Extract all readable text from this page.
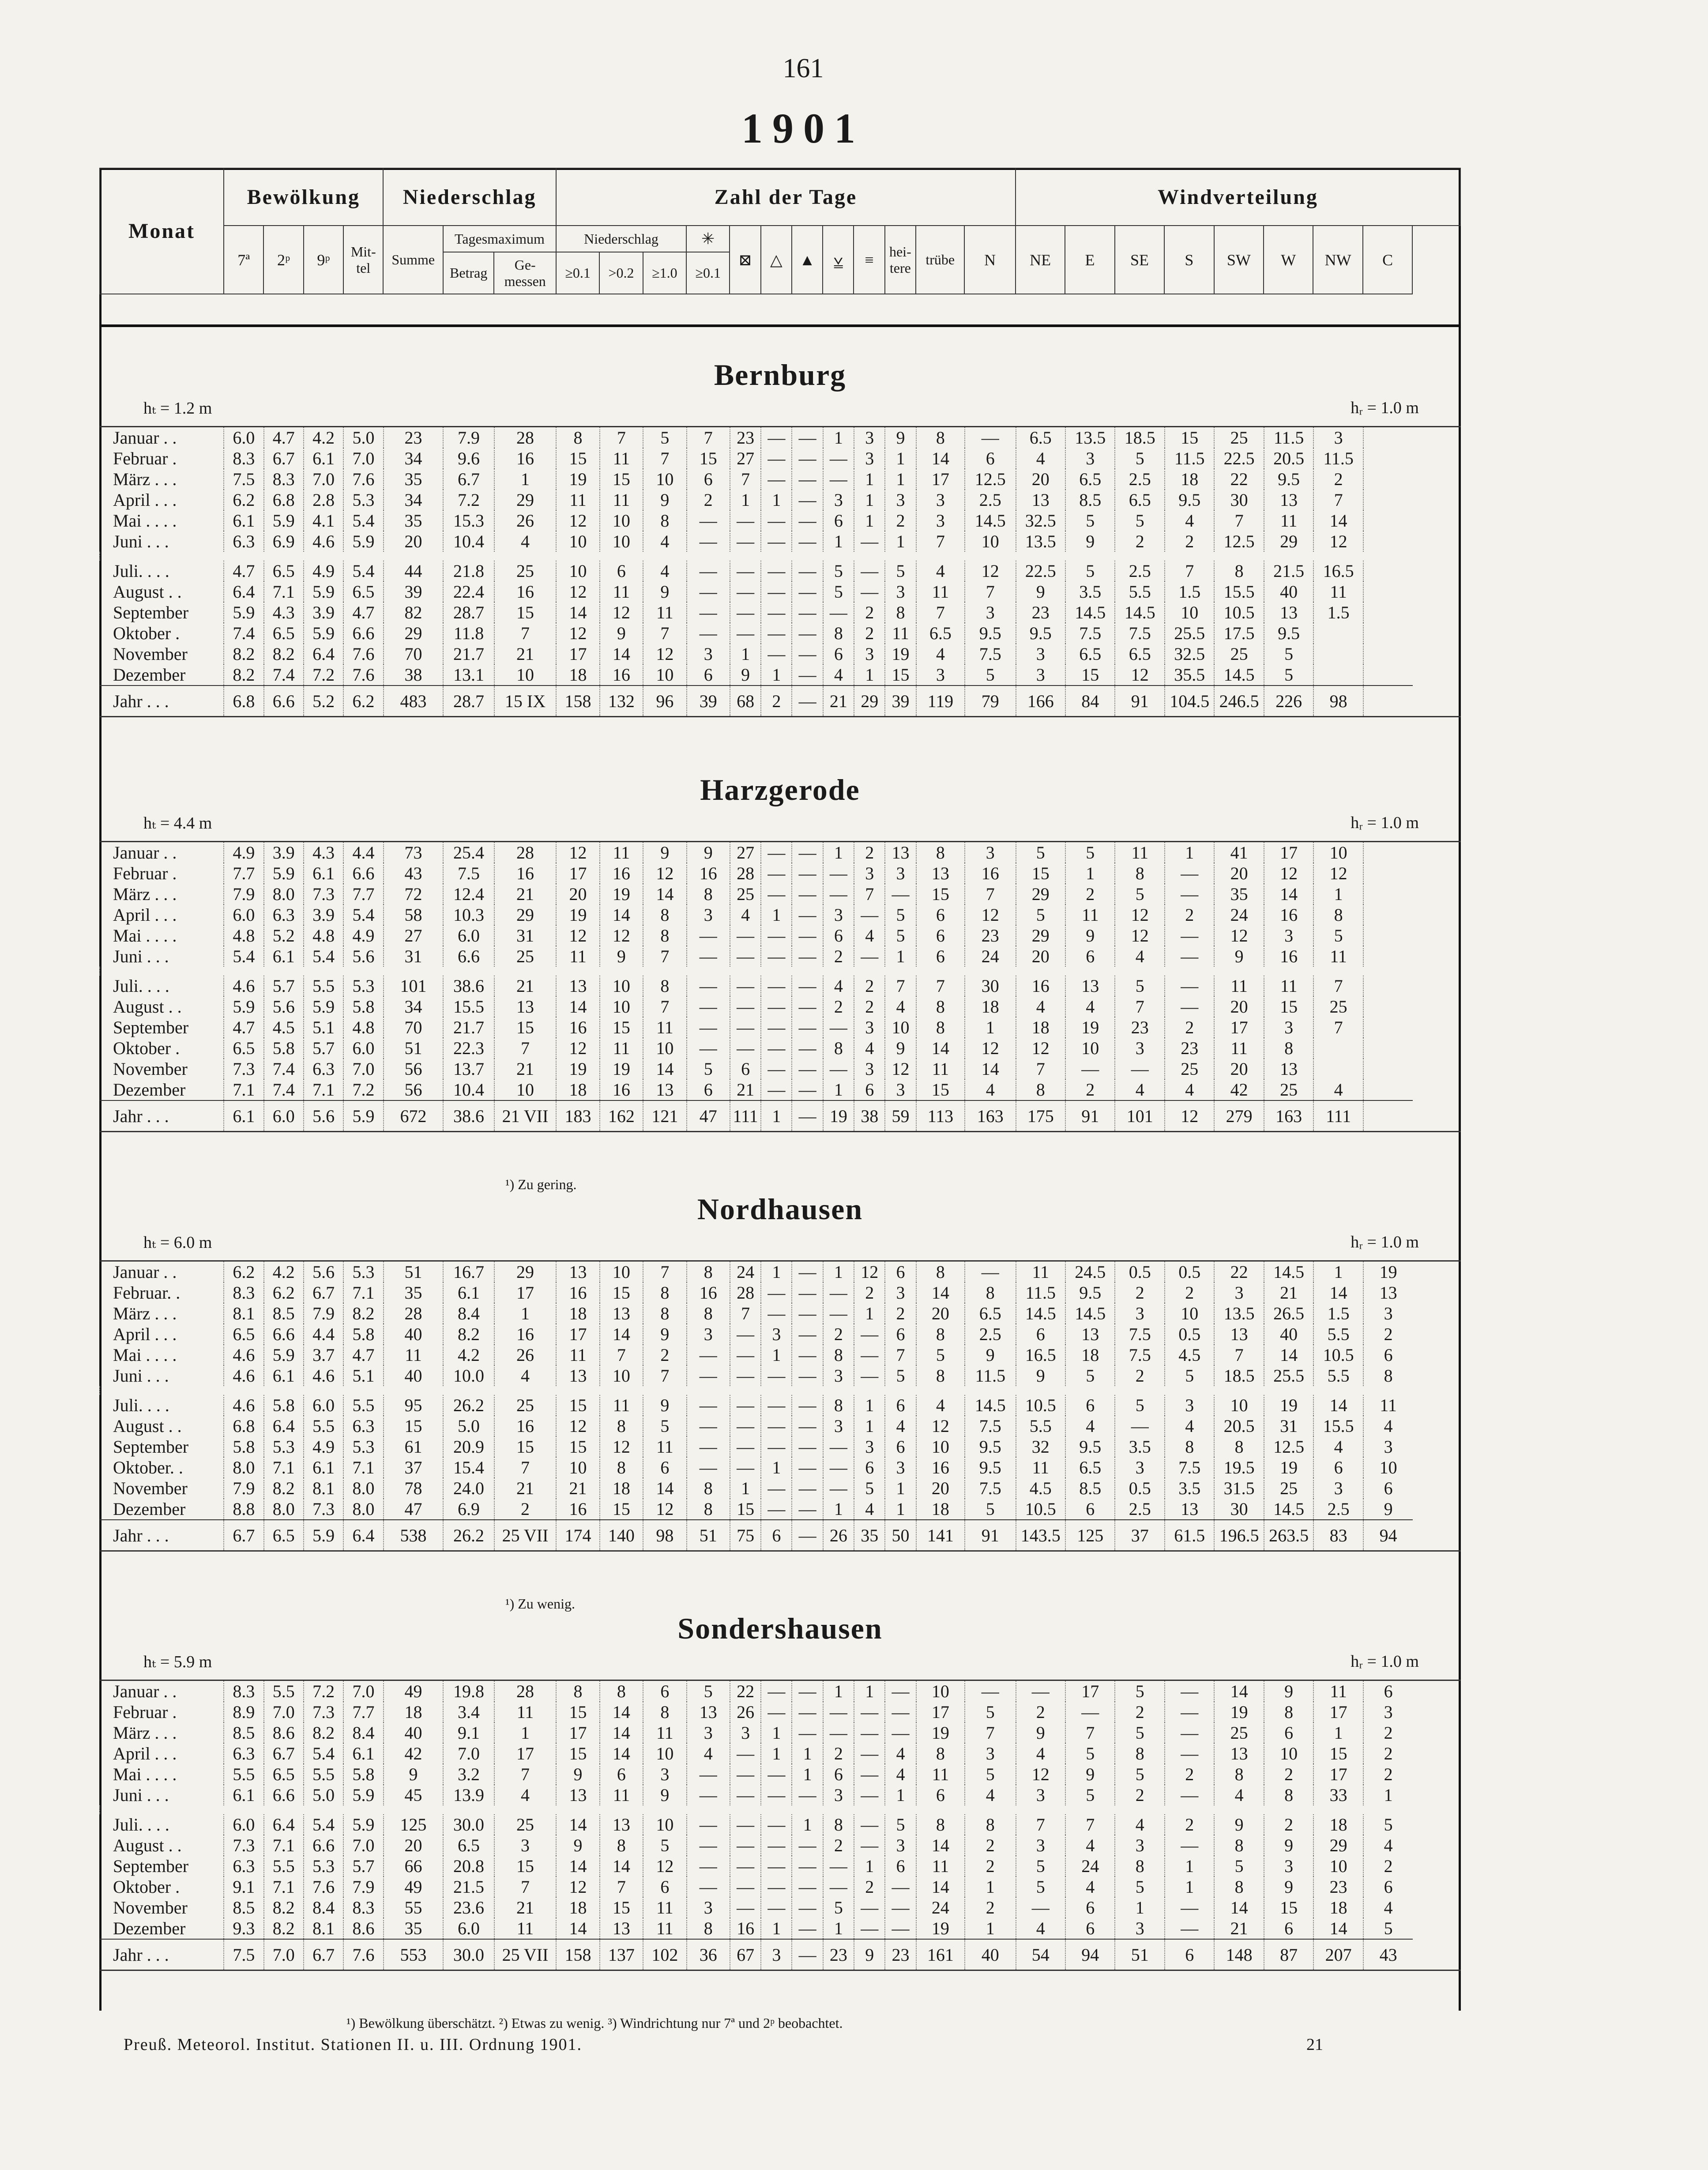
161
1901
Monat	Bewölkung				Niederschlag			Zahl der Tage												Windverteilung							
	7ª	2ᵖ	9ᵖ	Mit-tel	Summe	Tagesmaximum		Niederschlag			✳	⊠	△	▲	⩣	≡	hei-tere	trübe	N	NE	E	SE	S	SW	W	NW	C
						Betrag	Ge-messen	≥0.1	>0.2	≥1.0	≥0.1																
Bernburg
hₜ = 1.2 m	hᵣ = 1.0 m
Januar . .	6.0	4.7	4.2	5.0	23	7.9	28	8	7	5	7	23	—	—	1	3	9	8	—	6.5	13.5	18.5	15	25	11.5	3	
Februar .	8.3	6.7	6.1	7.0	34	9.6	16	15	11	7	15	27	—	—	—	3	1	14	6	4	3	5	11.5	22.5	20.5	11.5	
März . . .	7.5	8.3	7.0	7.6	35	6.7	1	19	15	10	6	7	—	—	—	1	1	17	12.5	20	6.5	2.5	18	22	9.5	2	
April . . .	6.2	6.8	2.8	5.3	34	7.2	29	11	11	9	2	1	1	—	3	1	3	3	2.5	13	8.5	6.5	9.5	30	13	7	
Mai . . . .	6.1	5.9	4.1	5.4	35	15.3	26	12	10	8	—	—	—	—	6	1	2	3	14.5	32.5	5	5	4	7	11	14	
Juni . . .	6.3	6.9	4.6	5.9	20	10.4	4	10	10	4	—	—	—	—	1	—	1	7	10	13.5	9	2	2	12.5	29	12	

Juli. . . .	4.7	6.5	4.9	5.4	44	21.8	25	10	6	4	—	—	—	—	5	—	5	4	12	22.5	5	2.5	7	8	21.5	16.5	
August . .	6.4	7.1	5.9	6.5	39	22.4	16	12	11	9	—	—	—	—	5	—	3	11	7	9	3.5	5.5	1.5	15.5	40	11	
September	5.9	4.3	3.9	4.7	82	28.7	15	14	12	11	—	—	—	—	—	2	8	7	3	23	14.5	14.5	10	10.5	13	1.5	
Oktober .	7.4	6.5	5.9	6.6	29	11.8	7	12	9	7	—	—	—	—	8	2	11	6.5	9.5	9.5	7.5	7.5	25.5	17.5	9.5		
November	8.2	8.2	6.4	7.6	70	21.7	21	17	14	12	3	1	—	—	6	3	19	4	7.5	3	6.5	6.5	32.5	25	5		
Dezember	8.2	7.4	7.2	7.6	38	13.1	10	18	16	10	6	9	1	—	4	1	15	3	5	3	15	12	35.5	14.5	5		
Jahr . . .	6.8	6.6	5.2	6.2	483	28.7	15 IX	158	132	96	39	68	2	—	21	29	39	119	79	166	84	91	104.5	246.5	226	98	
Harzgerode
hₜ = 4.4 m	hᵣ = 1.0 m
Januar . .	4.9	3.9	4.3	4.4	73	25.4	28	12	11	9	9	27	—	—	1	2	13	8	3	5	5	11	1	41	17	10	
Februar .	7.7	5.9	6.1	6.6	43	7.5	16	17	16	12	16	28	—	—	—	3	3	13	16	15	1	8	—	20	12	12	
März . . .	7.9	8.0	7.3	7.7	72	12.4	21	20	19	14	8	25	—	—	—	7	—	15	7	29	2	5	—	35	14	1	
April . . .	6.0	6.3	3.9	5.4	58	10.3	29	19	14	8	3	4	1	—	3	—	5	6	12	5	11	12	2	24	16	8	
Mai . . . .	4.8	5.2	4.8	4.9	27	6.0	31	12	12	8	—	—	—	—	6	4	5	6	23	29	9	12	—	12	3	5	
Juni . . .	5.4	6.1	5.4	5.6	31	6.6	25	11	9	7	—	—	—	—	2	—	1	6	24	20	6	4	—	9	16	11	

Juli. . . .	4.6	5.7	5.5	5.3	101	38.6	21	13	10	8	—	—	—	—	4	2	7	7	30	16	13	5	—	11	11	7	
August . .	5.9	5.6	5.9	5.8	34	15.5	13	14	10	7	—	—	—	—	2	2	4	8	18	4	4	7	—	20	15	25	
September	4.7	4.5	5.1	4.8	70	21.7	15	16	15	11	—	—	—	—	—	3	10	8	1	18	19	23	2	17	3	7	
Oktober .	6.5	5.8	5.7	6.0	51	22.3	7	12	11	10	—	—	—	—	8	4	9	14	12	12	10	3	23	11	8		
November	7.3	7.4	6.3	7.0	56	13.7	21	19	19	14	5	6	—	—	—	3	12	11	14	7	—	—	25	20	13		
Dezember	7.1	7.4	7.1	7.2	56	10.4	10	18	16	13	6	21	—	—	1	6	3	15	4	8	2	4	4	42	25	4	
Jahr . . .	6.1	6.0	5.6	5.9	672	38.6	21 VII	183	162	121	47	111	1	—	19	38	59	113	163	175	91	101	12	279	163	111	
¹) Zu gering.
Nordhausen
hₜ = 6.0 m	hᵣ = 1.0 m
Januar . .	6.2	4.2	5.6	5.3	51	16.7	29	13	10	7	8	24	1	—	1	12	6	8	—	11	24.5	0.5	0.5	22	14.5	1	19
Februar. .	8.3	6.2	6.7	7.1	35	6.1	17	16	15	8	16	28	—	—	—	2	3	14	8	11.5	9.5	2	2	3	21	14	13
März . . .	8.1	8.5	7.9	8.2	28	8.4	1	18	13	8	8	7	—	—	—	1	2	20	6.5	14.5	14.5	3	10	13.5	26.5	1.5	3
April . . .	6.5	6.6	4.4	5.8	40	8.2	16	17	14	9	3	—	3	—	2	—	6	8	2.5	6	13	7.5	0.5	13	40	5.5	2
Mai . . . .	4.6	5.9	3.7	4.7	11	4.2	26	11	7	2	—	—	1	—	8	—	7	5	9	16.5	18	7.5	4.5	7	14	10.5	6
Juni . . .	4.6	6.1	4.6	5.1	40	10.0	4	13	10	7	—	—	—	—	3	—	5	8	11.5	9	5	2	5	18.5	25.5	5.5	8

Juli. . . .	4.6	5.8	6.0	5.5	95	26.2	25	15	11	9	—	—	—	—	8	1	6	4	14.5	10.5	6	5	3	10	19	14	11
August . .	6.8	6.4	5.5	6.3	15	5.0	16	12	8	5	—	—	—	—	3	1	4	12	7.5	5.5	4	—	4	20.5	31	15.5	4
September	5.8	5.3	4.9	5.3	61	20.9	15	15	12	11	—	—	—	—	—	3	6	10	9.5	32	9.5	3.5	8	8	12.5	4	3
Oktober. .	8.0	7.1	6.1	7.1	37	15.4	7	10	8	6	—	—	1	—	—	6	3	16	9.5	11	6.5	3	7.5	19.5	19	6	10
November	7.9	8.2	8.1	8.0	78	24.0	21	21	18	14	8	1	—	—	—	5	1	20	7.5	4.5	8.5	0.5	3.5	31.5	25	3	6
Dezember	8.8	8.0	7.3	8.0	47	6.9	2	16	15	12	8	15	—	—	1	4	1	18	5	10.5	6	2.5	13	30	14.5	2.5	9
Jahr . . .	6.7	6.5	5.9	6.4	538	26.2	25 VII	174	140	98	51	75	6	—	26	35	50	141	91	143.5	125	37	61.5	196.5	263.5	83	94
¹) Zu wenig.
Sondershausen
hₜ = 5.9 m	hᵣ = 1.0 m
Januar . .	8.3	5.5	7.2	7.0	49	19.8	28	8	8	6	5	22	—	—	1	1	—	10	—	—	17	5	—	14	9	11	6
Februar .	8.9	7.0	7.3	7.7	18	3.4	11	15	14	8	13	26	—	—	—	—	—	17	5	2	—	2	—	19	8	17	3
März . . .	8.5	8.6	8.2	8.4	40	9.1	1	17	14	11	3	3	1	—	—	—	—	19	7	9	7	5	—	25	6	1	2
April . . .	6.3	6.7	5.4	6.1	42	7.0	17	15	14	10	4	—	1	1	2	—	4	8	3	4	5	8	—	13	10	15	2
Mai . . . .	5.5	6.5	5.5	5.8	9	3.2	7	9	6	3	—	—	—	1	6	—	4	11	5	12	9	5	2	8	2	17	2
Juni . . .	6.1	6.6	5.0	5.9	45	13.9	4	13	11	9	—	—	—	—	3	—	1	6	4	3	5	2	—	4	8	33	1

Juli. . . .	6.0	6.4	5.4	5.9	125	30.0	25	14	13	10	—	—	—	1	8	—	5	8	8	7	7	4	2	9	2	18	5
August . .	7.3	7.1	6.6	7.0	20	6.5	3	9	8	5	—	—	—	—	2	—	3	14	2	3	4	3	—	8	9	29	4
September	6.3	5.5	5.3	5.7	66	20.8	15	14	14	12	—	—	—	—	—	1	6	11	2	5	24	8	1	5	3	10	2
Oktober .	9.1	7.1	7.6	7.9	49	21.5	7	12	7	6	—	—	—	—	—	2	—	14	1	5	4	5	1	8	9	23	6
November	8.5	8.2	8.4	8.3	55	23.6	21	18	15	11	3	—	—	—	5	—	—	24	2	—	6	1	—	14	15	18	4
Dezember	9.3	8.2	8.1	8.6	35	6.0	11	14	13	11	8	16	1	—	1	—	—	19	1	4	6	3	—	21	6	14	5
Jahr . . .	7.5	7.0	6.7	7.6	553	30.0	25 VII	158	137	102	36	67	3	—	23	9	23	161	40	54	94	51	6	148	87	207	43
¹) Bewölkung überschätzt. ²) Etwas zu wenig. ³) Windrichtung nur 7ª und 2ᵖ beobachtet.
Preuß. Meteorol. Institut. Stationen II. u. III. Ordnung 1901.	21
